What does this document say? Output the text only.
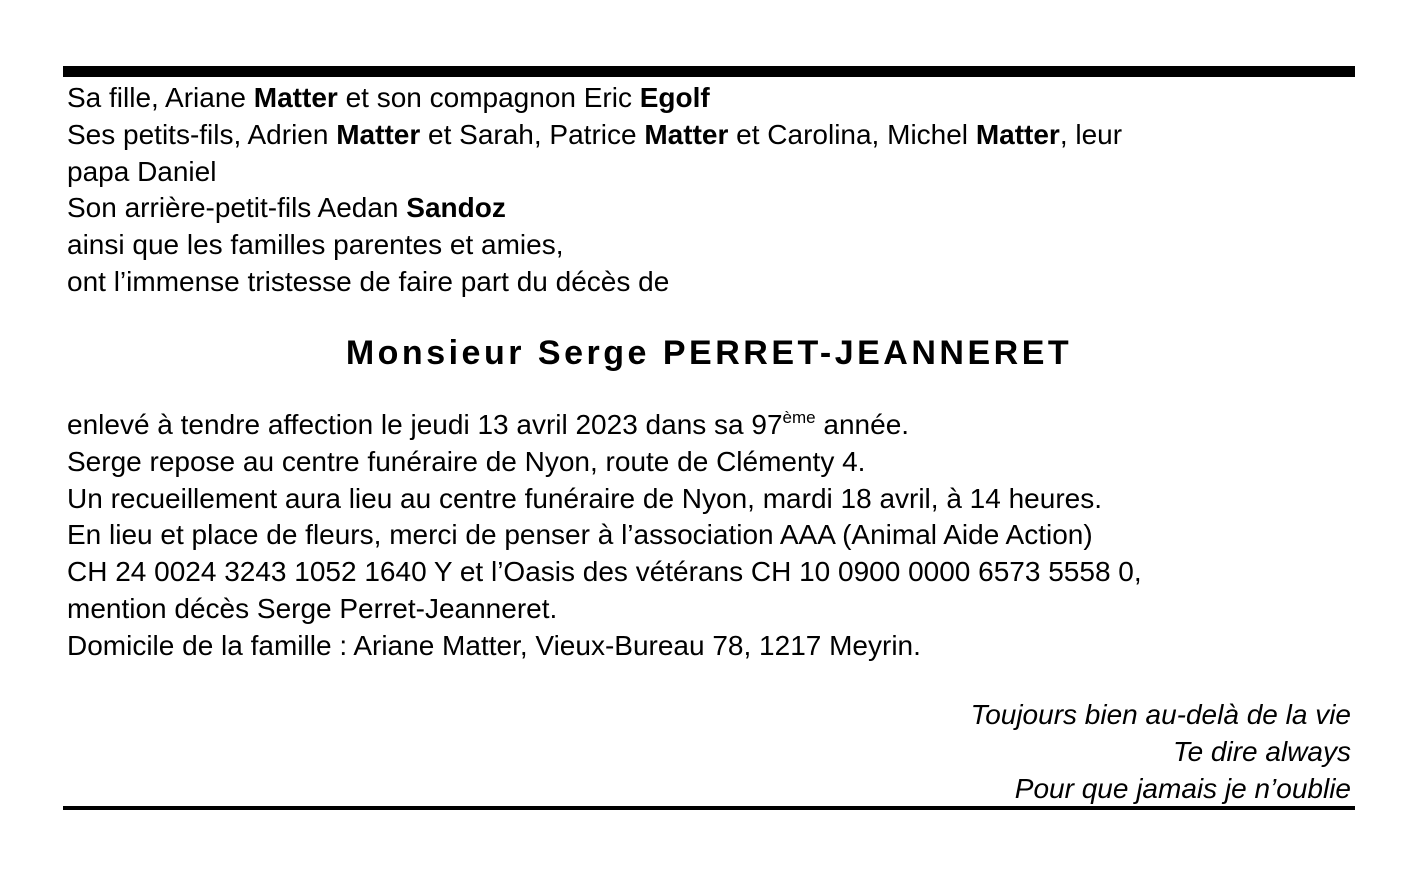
Sa fille, Ariane Matter et son compagnon Eric Egolf
Ses petits-fils, Adrien Matter et Sarah, Patrice Matter et Carolina, Michel Matter, leur
papa Daniel
Son arrière-petit-fils Aedan Sandoz
ainsi que les familles parentes et amies,
ont l’immense tristesse de faire part du décès de
Monsieur Serge PERRET-JEANNERET
enlevé à tendre affection le jeudi 13 avril 2023 dans sa 97ème année.
Serge repose au centre funéraire de Nyon, route de Clémenty 4.
Un recueillement aura lieu au centre funéraire de Nyon, mardi 18 avril, à 14 heures.
En lieu et place de fleurs, merci de penser à l’association AAA (Animal Aide Action)
CH 24 0024 3243 1052 1640 Y et l’Oasis des vétérans CH 10 0900 0000 6573 5558 0,
mention décès Serge Perret-Jeanneret.
Domicile de la famille : Ariane Matter, Vieux-Bureau 78, 1217 Meyrin.
Toujours bien au-delà de la vie
Te dire always
Pour que jamais je n’oublie
